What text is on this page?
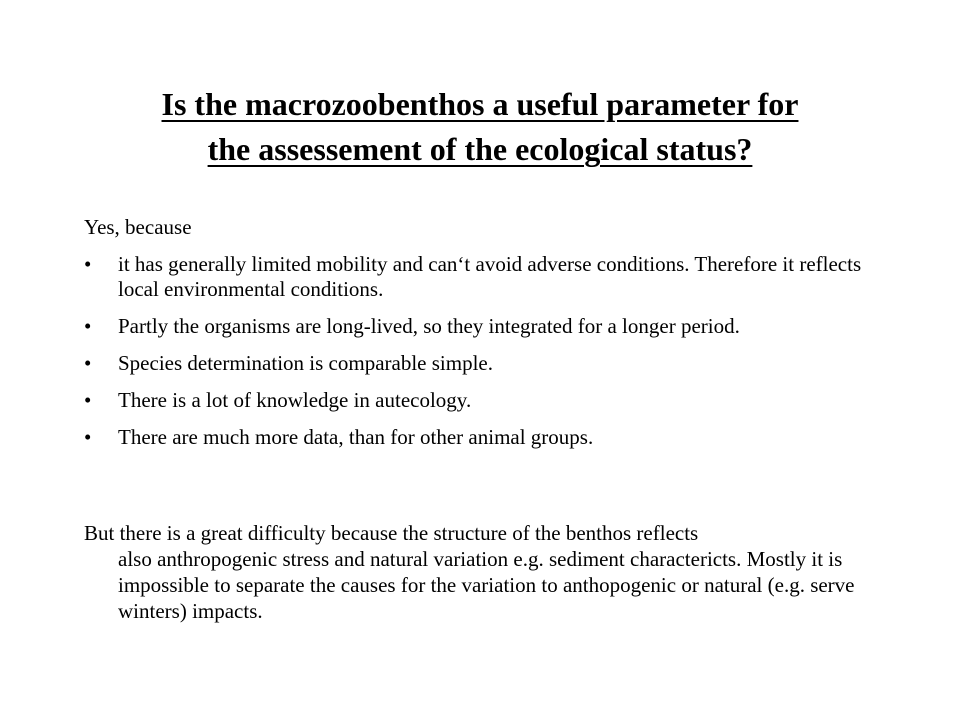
Is the macrozoobenthos a useful parameter for
the assessement of the ecological status?
Yes, because
• it has generally limited mobility and can‘t avoid adverse conditions. Therefore it reflects local environmental conditions.
• Partly the organisms are long-lived, so they integrated for a longer period.
• Species determination is comparable simple.
• There is a lot of knowledge in autecology.
• There are much more data, than for other animal groups.
But there is a great difficulty because the structure of the benthos reflects
also anthropogenic stress and natural variation e.g. sediment charactericts. Mostly it is impossible to separate the causes for the variation to anthopogenic or natural (e.g. serve winters) impacts.
